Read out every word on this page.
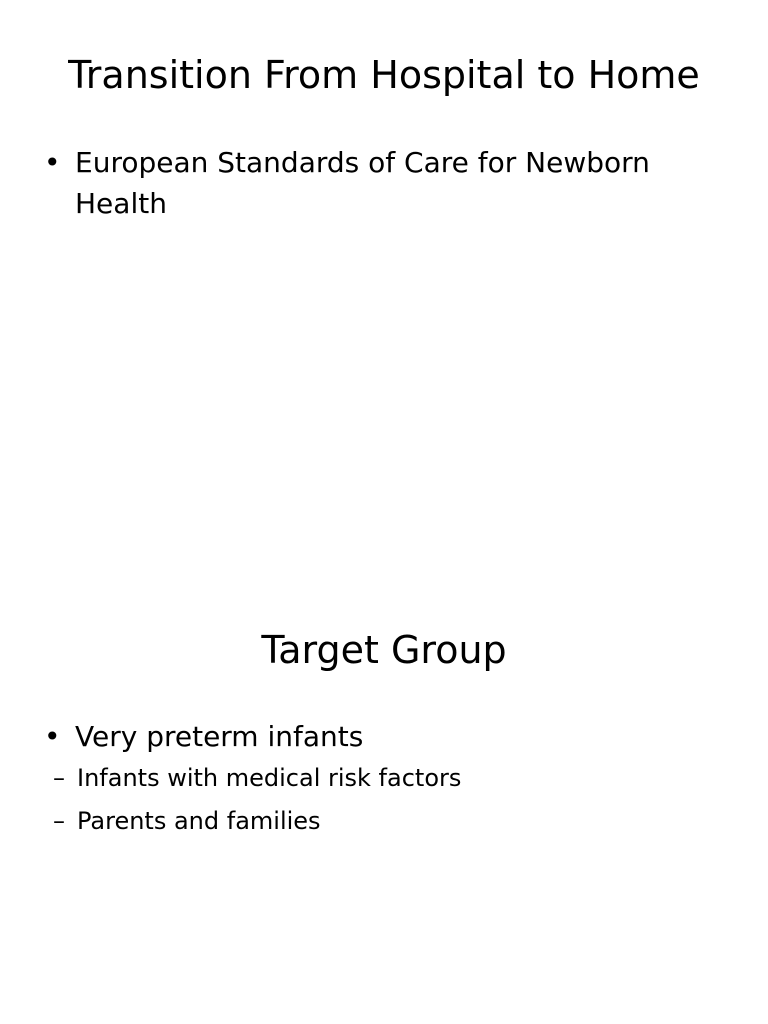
Transition From Hospital to Home
• European Standards of Care for Newborn Health
Target Group
• Very preterm infants
– Infants with medical risk factors
– Parents and families
